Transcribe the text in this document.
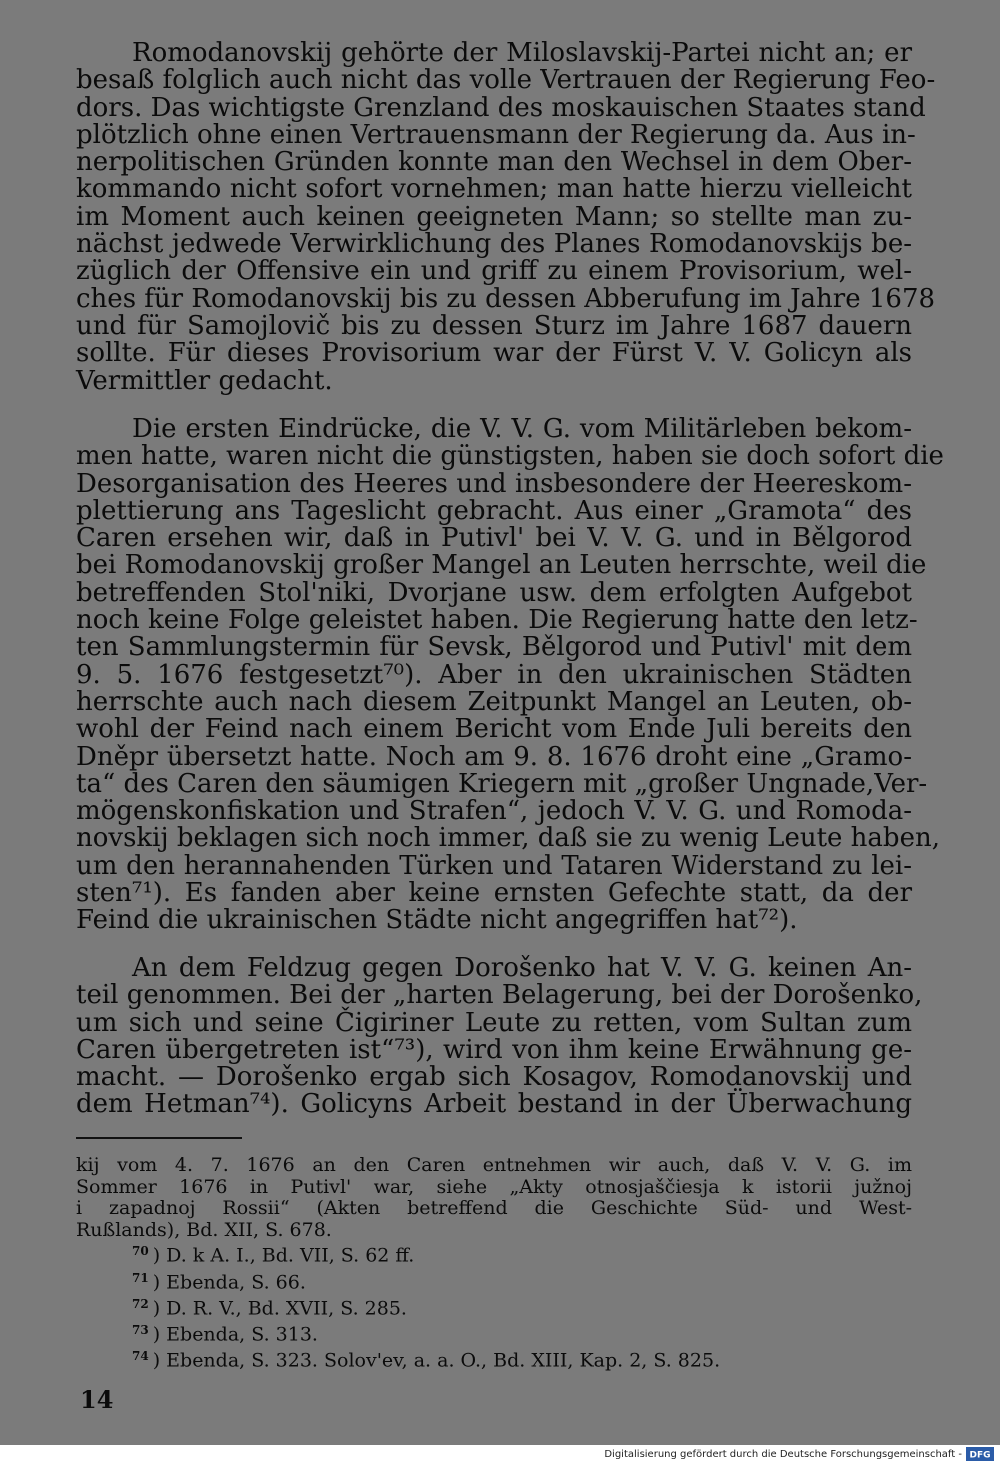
Romodanovskij gehörte der Miloslavskij-Partei nicht an; er
besaß folglich auch nicht das volle Vertrauen der Regierung Feo-
dors. Das wichtigste Grenzland des moskauischen Staates stand
plötzlich ohne einen Vertrauensmann der Regierung da. Aus in-
nerpolitischen Gründen konnte man den Wechsel in dem Ober-
kommando nicht sofort vornehmen; man hatte hierzu vielleicht
im Moment auch keinen geeigneten Mann; so stellte man zu-
nächst jedwede Verwirklichung des Planes Romodanovskijs be-
züglich der Offensive ein und griff zu einem Provisorium, wel-
ches für Romodanovskij bis zu dessen Abberufung im Jahre 1678
und für Samojlovič bis zu dessen Sturz im Jahre 1687 dauern
sollte. Für dieses Provisorium war der Fürst V. V. Golicyn als
Vermittler gedacht.
Die ersten Eindrücke, die V. V. G. vom Militärleben bekom-
men hatte, waren nicht die günstigsten, haben sie doch sofort die
Desorganisation des Heeres und insbesondere der Heereskom-
plettierung ans Tageslicht gebracht. Aus einer „Gramota“ des
Caren ersehen wir, daß in Putivl' bei V. V. G. und in Bělgorod
bei Romodanovskij großer Mangel an Leuten herrschte, weil die
betreffenden Stol'niki, Dvorjane usw. dem erfolgten Aufgebot
noch keine Folge geleistet haben. Die Regierung hatte den letz-
ten Sammlungstermin für Sevsk, Bělgorod und Putivl' mit dem
9. 5. 1676 festgesetzt⁷⁰). Aber in den ukrainischen Städten
herrschte auch nach diesem Zeitpunkt Mangel an Leuten, ob-
wohl der Feind nach einem Bericht vom Ende Juli bereits den
Dněpr übersetzt hatte. Noch am 9. 8. 1676 droht eine „Gramo-
ta“ des Caren den säumigen Kriegern mit „großer Ungnade,Ver-
mögenskonfiskation und Strafen“, jedoch V. V. G. und Romoda-
novskij beklagen sich noch immer, daß sie zu wenig Leute haben,
um den herannahenden Türken und Tataren Widerstand zu lei-
sten⁷¹). Es fanden aber keine ernsten Gefechte statt, da der
Feind die ukrainischen Städte nicht angegriffen hat⁷²).
An dem Feldzug gegen Dorošenko hat V. V. G. keinen An-
teil genommen. Bei der „harten Belagerung, bei der Dorošenko,
um sich und seine Čigiriner Leute zu retten, vom Sultan zum
Caren übergetreten ist“⁷³), wird von ihm keine Erwähnung ge-
macht. — Dorošenko ergab sich Kosagov, Romodanovskij und
dem Hetman⁷⁴). Golicyns Arbeit bestand in der Überwachung
kij vom 4. 7. 1676 an den Caren entnehmen wir auch, daß V. V. G. im
Sommer 1676 in Putivl' war, siehe „Akty otnosjaščiesja k istorii južnoj
i zapadnoj Rossii“ (Akten betreffend die Geschichte Süd- und West-
Rußlands), Bd. XII, S. 678.
$^{70}$ ) D. k A. I., Bd. VII, S. 62 ff.
$^{71}$ ) Ebenda, S. 66.
$^{72}$ ) D. R. V., Bd. XVII, S. 285.
$^{73}$ ) Ebenda, S. 313.
$^{74}$ ) Ebenda, S. 323. Solov'ev, a. a. O., Bd. XIII, Kap. 2, S. 825.
14
Digitalisierung gefördert durch die Deutsche Forschungsgemeinschaft - DFG
